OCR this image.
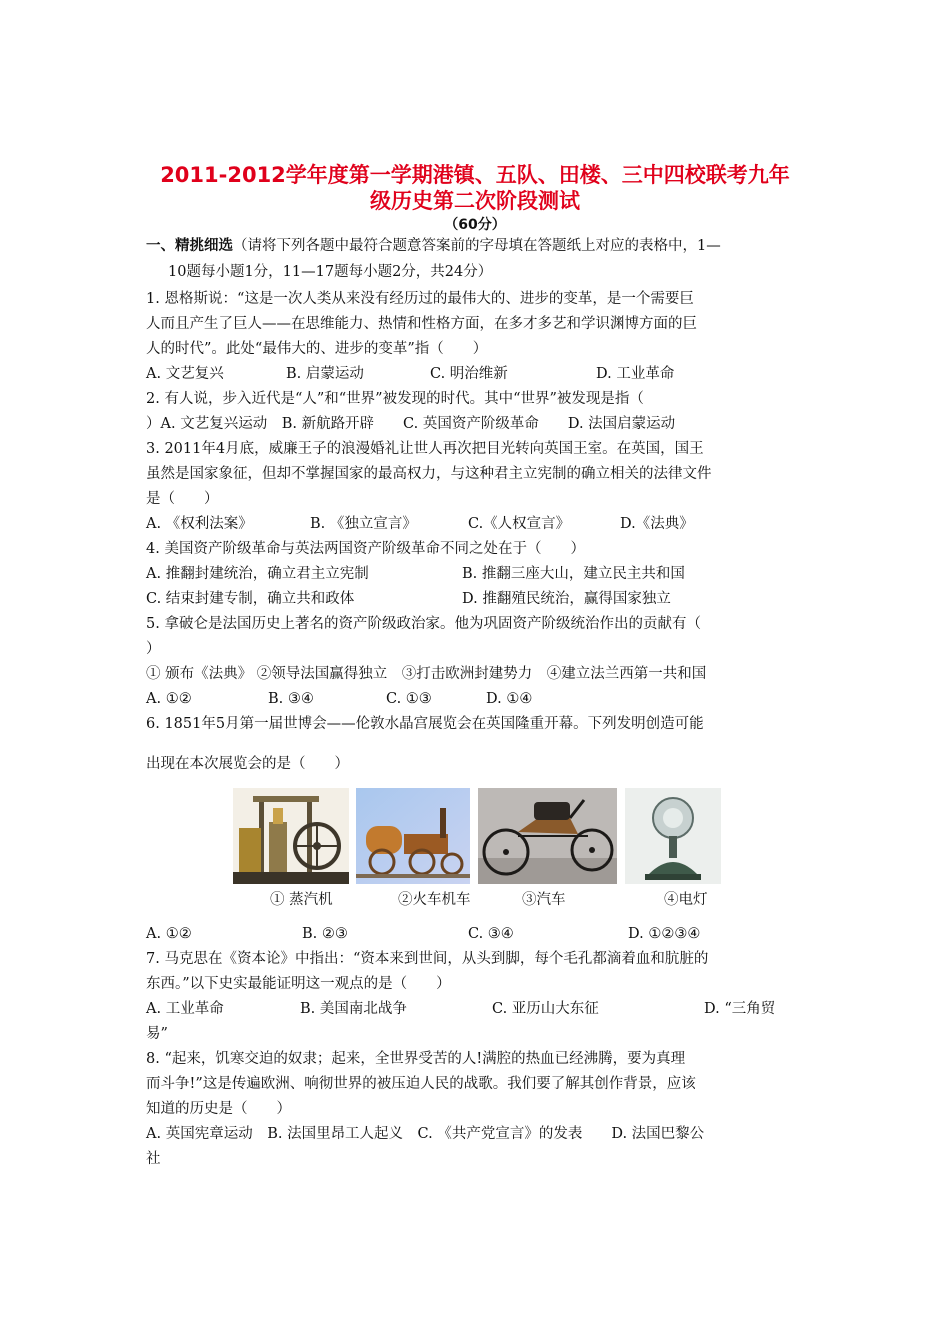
2011-2012学年度第一学期港镇、五队、田楼、三中四校联考九年
级历史第二次阶段测试
（60分）
一、精挑细选（请将下列各题中最符合题意答案前的字母填在答题纸上对应的表格中，1—
10题每小题1分，11—17题每小题2分，共24分）
1. 恩格斯说：“这是一次人类从来没有经历过的最伟大的、进步的变革，是一个需要巨
人而且产生了巨人——在思维能力、热情和性格方面，在多才多艺和学识渊博方面的巨
人的时代”。此处“最伟大的、进步的变革”指（　　）
A. 文艺复兴	B. 启蒙运动	C. 明治维新	D. 工业革命
2. 有人说，步入近代是“人”和“世界”被发现的时代。其中“世界”被发现是指（
）A. 文艺复兴运动　B. 新航路开辟　　C. 英国资产阶级革命　　D. 法国启蒙运动
3. 2011年4月底，威廉王子的浪漫婚礼让世人再次把目光转向英国王室。在英国，国王
虽然是国家象征，但却不掌握国家的最高权力，与这种君主立宪制的确立相关的法律文件
是（　　）
A. 《权利法案》	B. 《独立宣言》	C.《人权宣言》	D.《法典》
4. 美国资产阶级革命与英法两国资产阶级革命不同之处在于（　　）
A. 推翻封建统治，确立君主立宪制	B. 推翻三座大山，建立民主共和国
C. 结束封建专制，确立共和政体	D. 推翻殖民统治，赢得国家独立
5. 拿破仑是法国历史上著名的资产阶级政治家。他为巩固资产阶级统治作出的贡献有（
）
① 颁布《法典》 ②领导法国赢得独立　③打击欧洲封建势力　④建立法兰西第一共和国
A. ①②	B. ③④	C. ①③	D. ①④
6. 1851年5月第一届世博会——伦敦水晶宫展览会在英国隆重开幕。下列发明创造可能
出现在本次展览会的是（　　）
① 蒸汽机	②火车机车	③汽车	④电灯
A. ①②	B. ②③	C. ③④	D. ①②③④
7. 马克思在《资本论》中指出：“资本来到世间，从头到脚，每个毛孔都滴着血和肮脏的
东西。”以下史实最能证明这一观点的是（　　）
A. 工业革命	B. 美国南北战争	C. 亚历山大东征	D. “三角贸
易”
8. “起来，饥寒交迫的奴隶；起来，全世界受苦的人!满腔的热血已经沸腾，要为真理
而斗争!”这是传遍欧洲、响彻世界的被压迫人民的战歌。我们要了解其创作背景，应该
知道的历史是（　　）
A. 英国宪章运动　B. 法国里昂工人起义　C. 《共产党宣言》的发表　　D. 法国巴黎公
社
